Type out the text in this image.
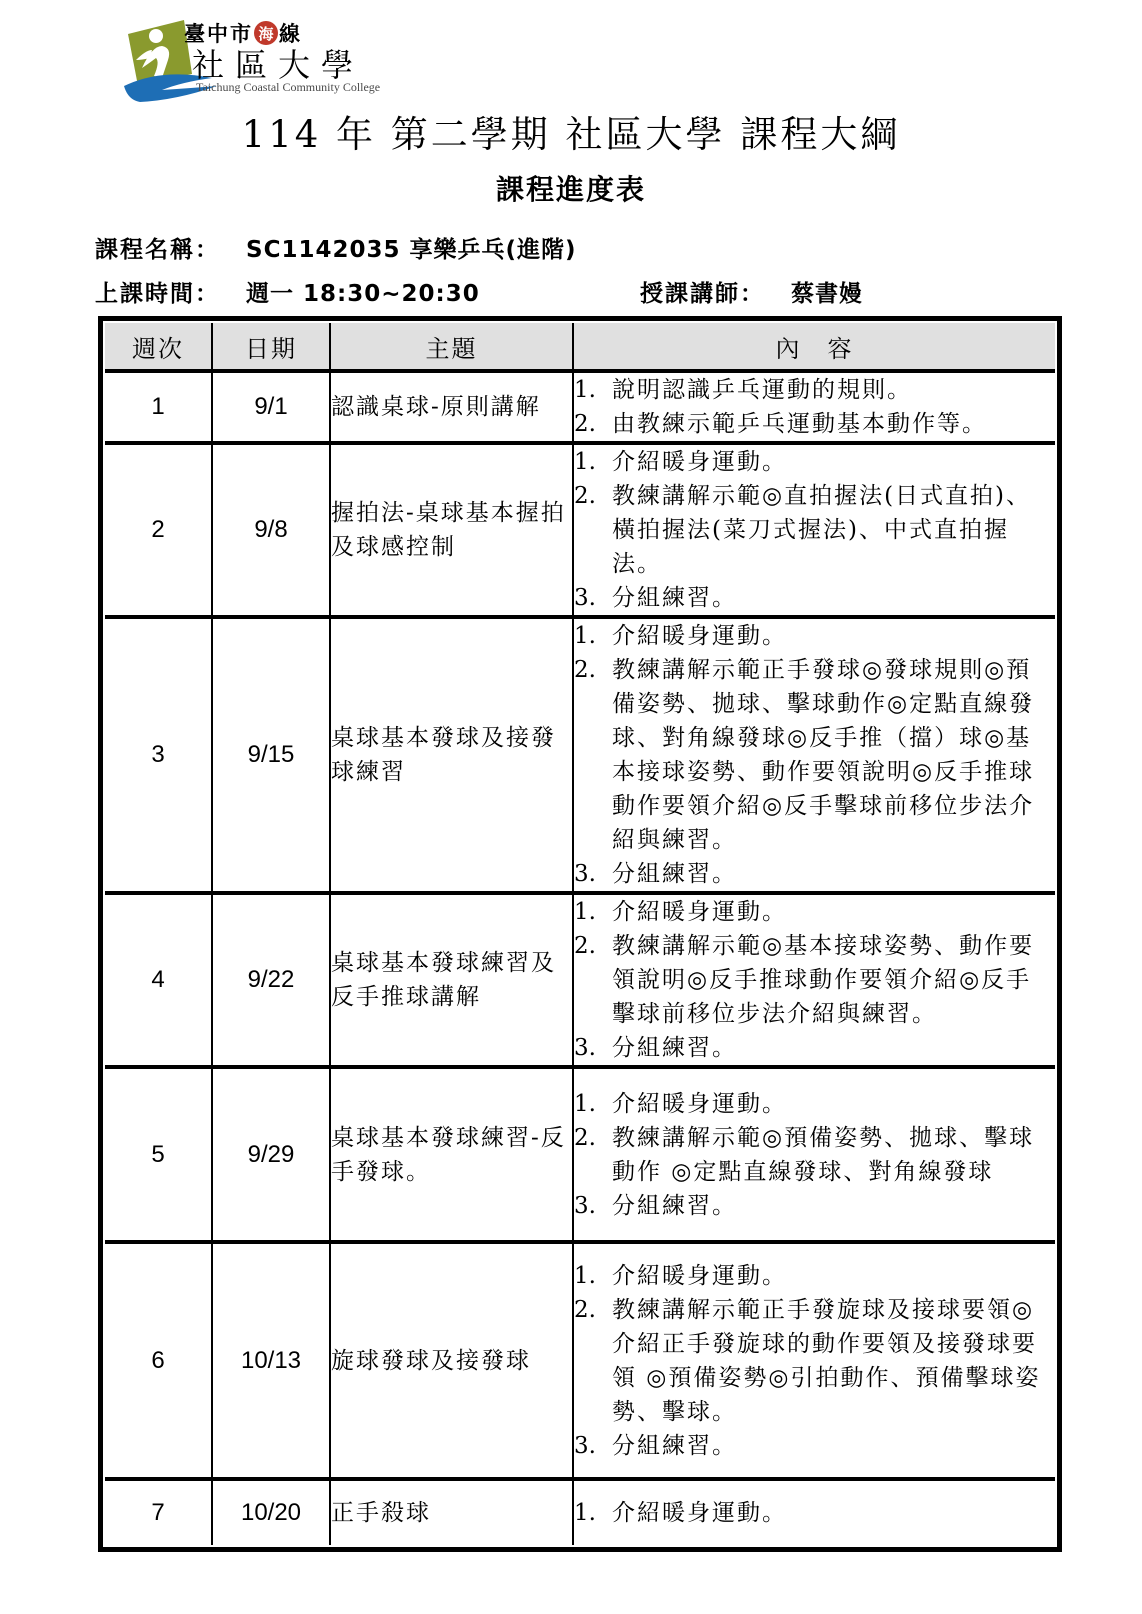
臺中市 海 線
社區大學
Taichung Coastal Community College
114 年 第二學期 社區大學 課程大綱
課程進度表
課程名稱： SC1142035 享樂乒乓(進階)
上課時間： 週一 18:30~20:30	授課講師： 蔡書嫚
週次	日期	主題	內　容
1	9/1	認識桌球-原則講解	1. 說明認識乒乓運動的規則。
2. 由教練示範乒乓運動基本動作等。

2	9/8	握拍法-桌球基本握拍及球感控制	
1. 介紹暖身運動。
2. 教練講解示範◎直拍握法(日式直拍)、橫拍握法(菜刀式握法)、中式直拍握法。
3. 分組練習。

3	9/15	桌球基本發球及接發球練習	
1. 介紹暖身運動。
2. 教練講解示範正手發球◎發球規則◎預備姿勢、拋球、擊球動作◎定點直線發球、對角線發球◎反手推（擋）球◎基本接球姿勢、動作要領說明◎反手推球動作要領介紹◎反手擊球前移位步法介紹與練習。
3. 分組練習。

4	9/22	桌球基本發球練習及反手推球講解	
1. 介紹暖身運動。
2. 教練講解示範◎基本接球姿勢、動作要領說明◎反手推球動作要領介紹◎反手擊球前移位步法介紹與練習。
3. 分組練習。

5	9/29	桌球基本發球練習-反手發球。	
1. 介紹暖身運動。
2. 教練講解示範◎預備姿勢、拋球、擊球動作 ◎定點直線發球、對角線發球
3. 分組練習。

6	10/13	旋球發球及接發球	
1. 介紹暖身運動。
2. 教練講解示範正手發旋球及接球要領◎介紹正手發旋球的動作要領及接發球要領 ◎預備姿勢◎引拍動作、預備擊球姿勢、擊球。
3. 分組練習。

7	10/20	正手殺球	1. 介紹暖身運動。
